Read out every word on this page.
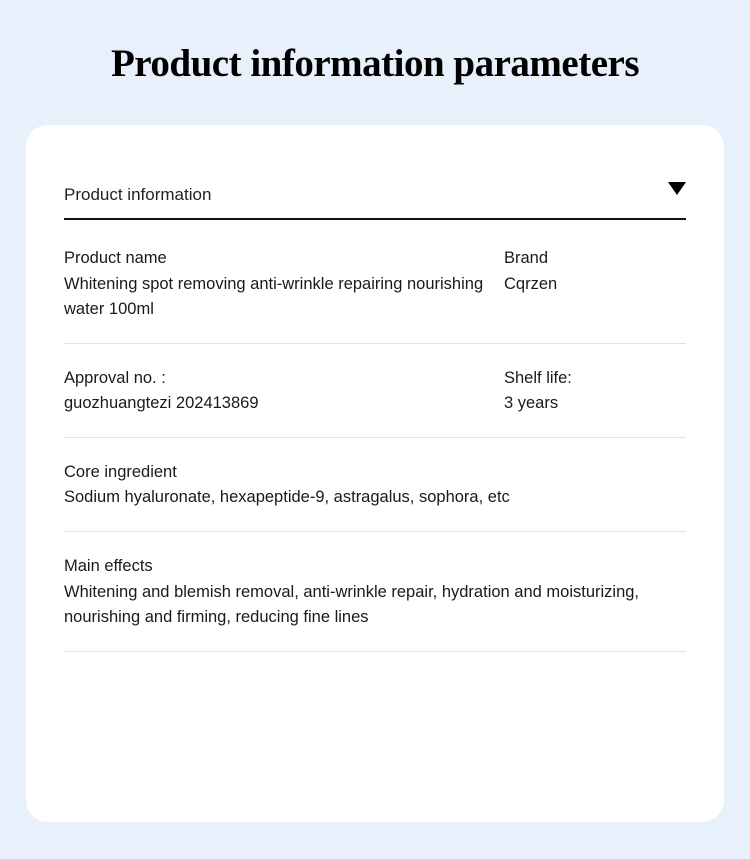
Product information parameters
Product information
Product name
Whitening spot removing anti-wrinkle repairing nourishing water 100ml
Brand
Cqrzen
Approval no. :
guozhuangtezi 202413869
Shelf life:
3 years
Core ingredient
Sodium hyaluronate, hexapeptide-9, astragalus, sophora, etc
Main effects
Whitening and blemish removal, anti-wrinkle repair, hydration and moisturizing, nourishing and firming, reducing fine lines
